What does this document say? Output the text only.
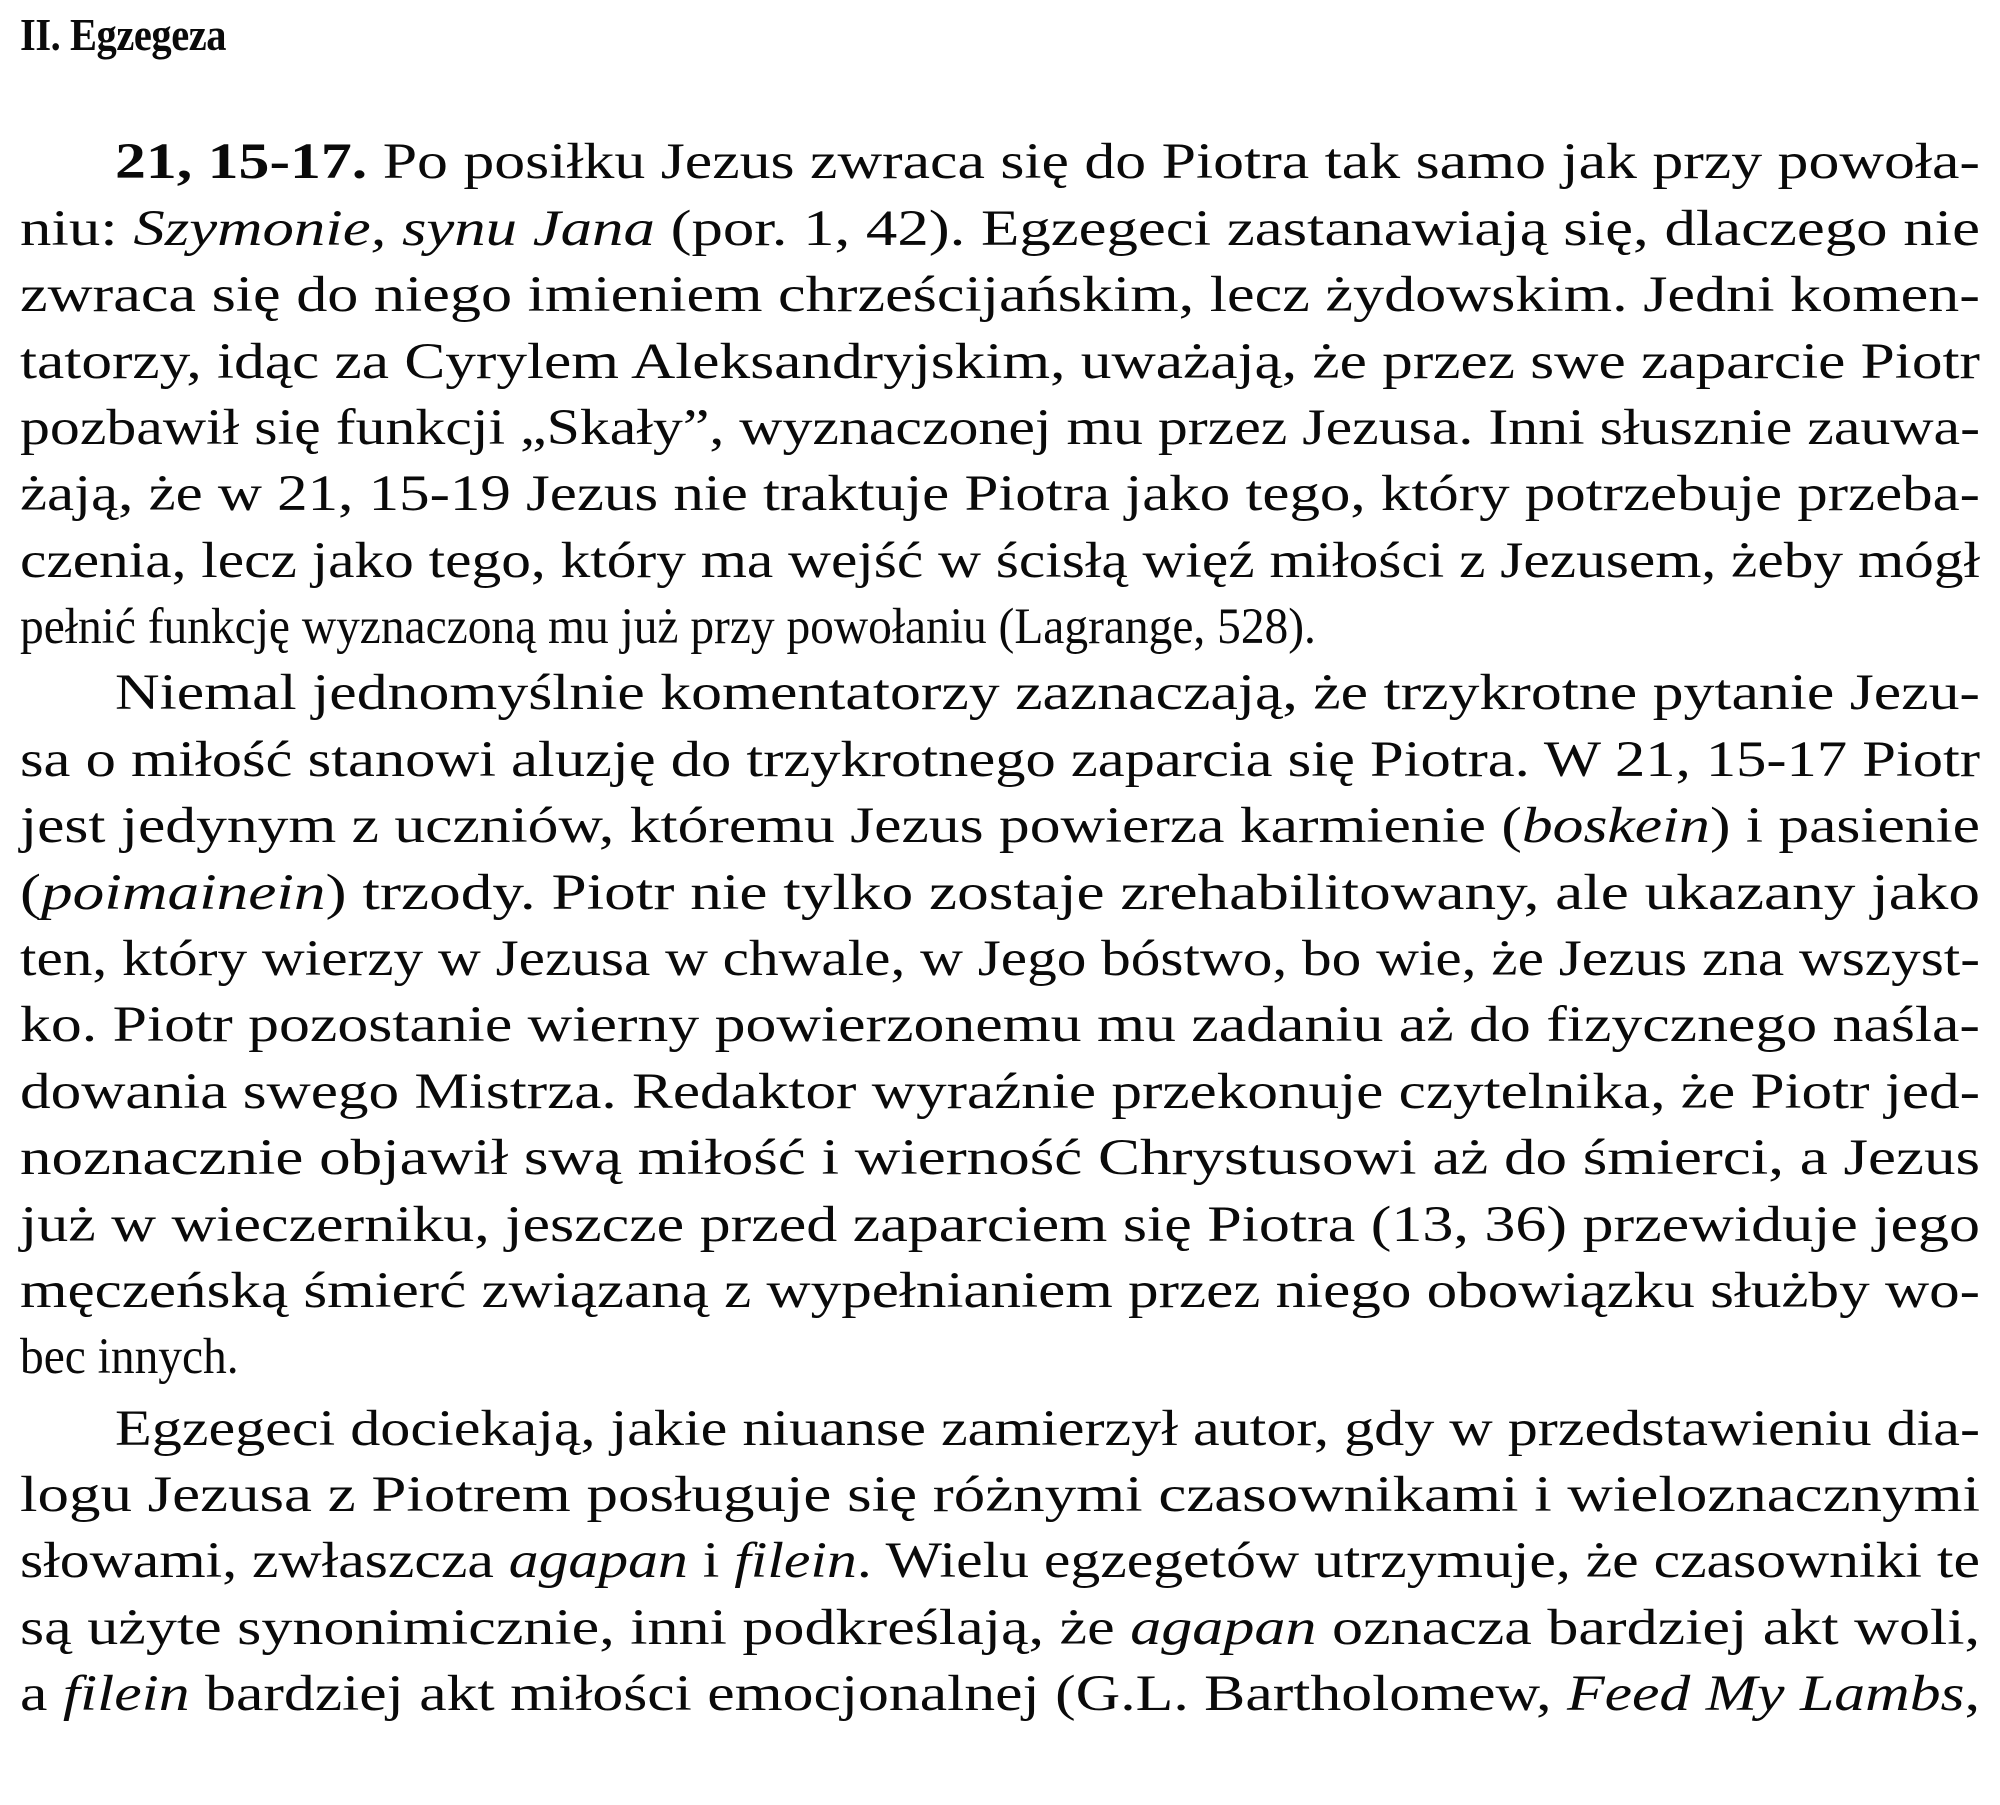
II. Egzegeza
21, 15-17. Po posiłku Jezus zwraca się do Piotra tak samo jak przy powoła-
niu: Szymonie, synu Jana (por. 1, 42). Egzegeci zastanawiają się, dlaczego nie
zwraca się do niego imieniem chrześcijańskim, lecz żydowskim. Jedni komen-
tatorzy, idąc za Cyrylem Aleksandryjskim, uważają, że przez swe zaparcie Piotr
pozbawił się funkcji „Skały”, wyznaczonej mu przez Jezusa. Inni słusznie zauwa-
żają, że w 21, 15-19 Jezus nie traktuje Piotra jako tego, który potrzebuje przeba-
czenia, lecz jako tego, który ma wejść w ścisłą więź miłości z Jezusem, żeby mógł
pełnić funkcję wyznaczoną mu już przy powołaniu (Lagrange, 528).
Niemal jednomyślnie komentatorzy zaznaczają, że trzykrotne pytanie Jezu-
sa o miłość stanowi aluzję do trzykrotnego zaparcia się Piotra. W 21, 15-17 Piotr
jest jedynym z uczniów, któremu Jezus powierza karmienie (boskein) i pasienie
(poimainein) trzody. Piotr nie tylko zostaje zrehabilitowany, ale ukazany jako
ten, który wierzy w Jezusa w chwale, w Jego bóstwo, bo wie, że Jezus zna wszyst-
ko. Piotr pozostanie wierny powierzonemu mu zadaniu aż do fizycznego naśla-
dowania swego Mistrza. Redaktor wyraźnie przekonuje czytelnika, że Piotr jed-
noznacznie objawił swą miłość i wierność Chrystusowi aż do śmierci, a Jezus
już w wieczerniku, jeszcze przed zaparciem się Piotra (13, 36) przewiduje jego
męczeńską śmierć związaną z wypełnianiem przez niego obowiązku służby wo-
bec innych.
Egzegeci dociekają, jakie niuanse zamierzył autor, gdy w przedstawieniu dia-
logu Jezusa z Piotrem posługuje się różnymi czasownikami i wieloznacznymi
słowami, zwłaszcza agapan i filein. Wielu egzegetów utrzymuje, że czasowniki te
są użyte synonimicznie, inni podkreślają, że agapan oznacza bardziej akt woli,
a filein bardziej akt miłości emocjonalnej (G.L. Bartholomew, Feed My Lambs,
